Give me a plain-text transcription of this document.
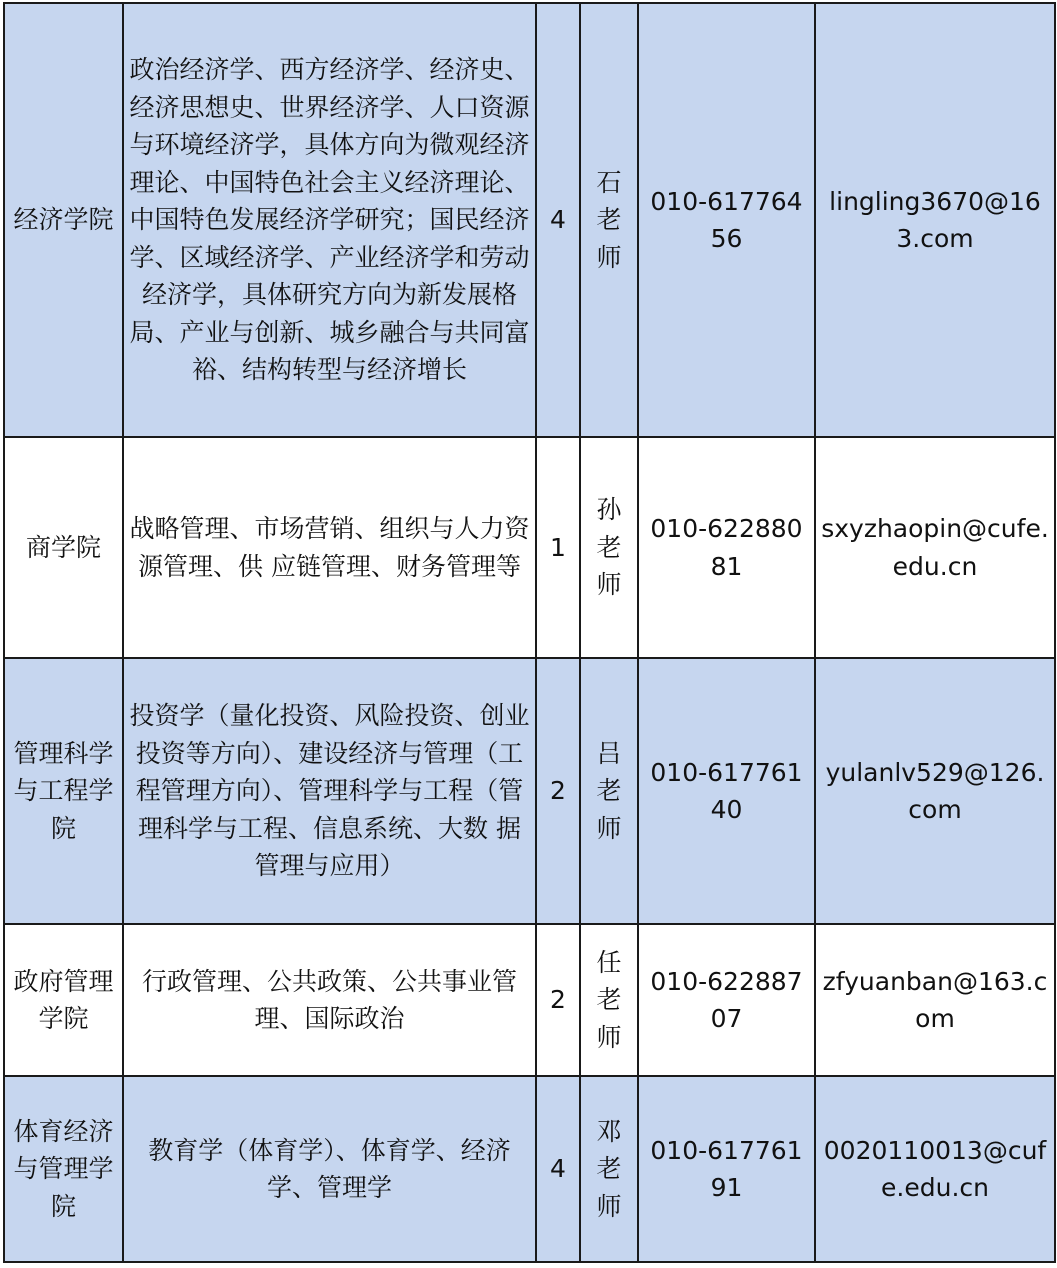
经济学院	政治经济学、西方经济学、经济史、经济思想史、世界经济学、人口资源与环境经济学，具体方向为微观经济理论、中国特色社会主义经济理论、中国特色发展经济学研究；国民经济学、区域经济学、产业经济学和劳动经济学，具体研究方向为新发展格局、产业与创新、城乡融合与共同富裕、结构转型与经济增长	4	石老师	010-61776456	lingling3670@163.com
商学院	战略管理、市场营销、组织与人力资源管理、供 应链管理、财务管理等	1	孙老师	010-62288081	sxyzhaopin@cufe.edu.cn
管理科学与工程学院	投资学（量化投资、风险投资、创业投资等方向）、建设经济与管理（工程管理方向）、管理科学与工程（管理科学与工程、信息系统、大数 据管理与应用）	2	吕老师	010-61776140	yulanlv529@126.com
政府管理学院	行政管理、公共政策、公共事业管理、国际政治	2	任老师	010-62288707	zfyuanban@163.com
体育经济与管理学院	教育学（体育学）、体育学、经济学、管理学	4	邓老师	010-61776191	0020110013@cufe.edu.cn
